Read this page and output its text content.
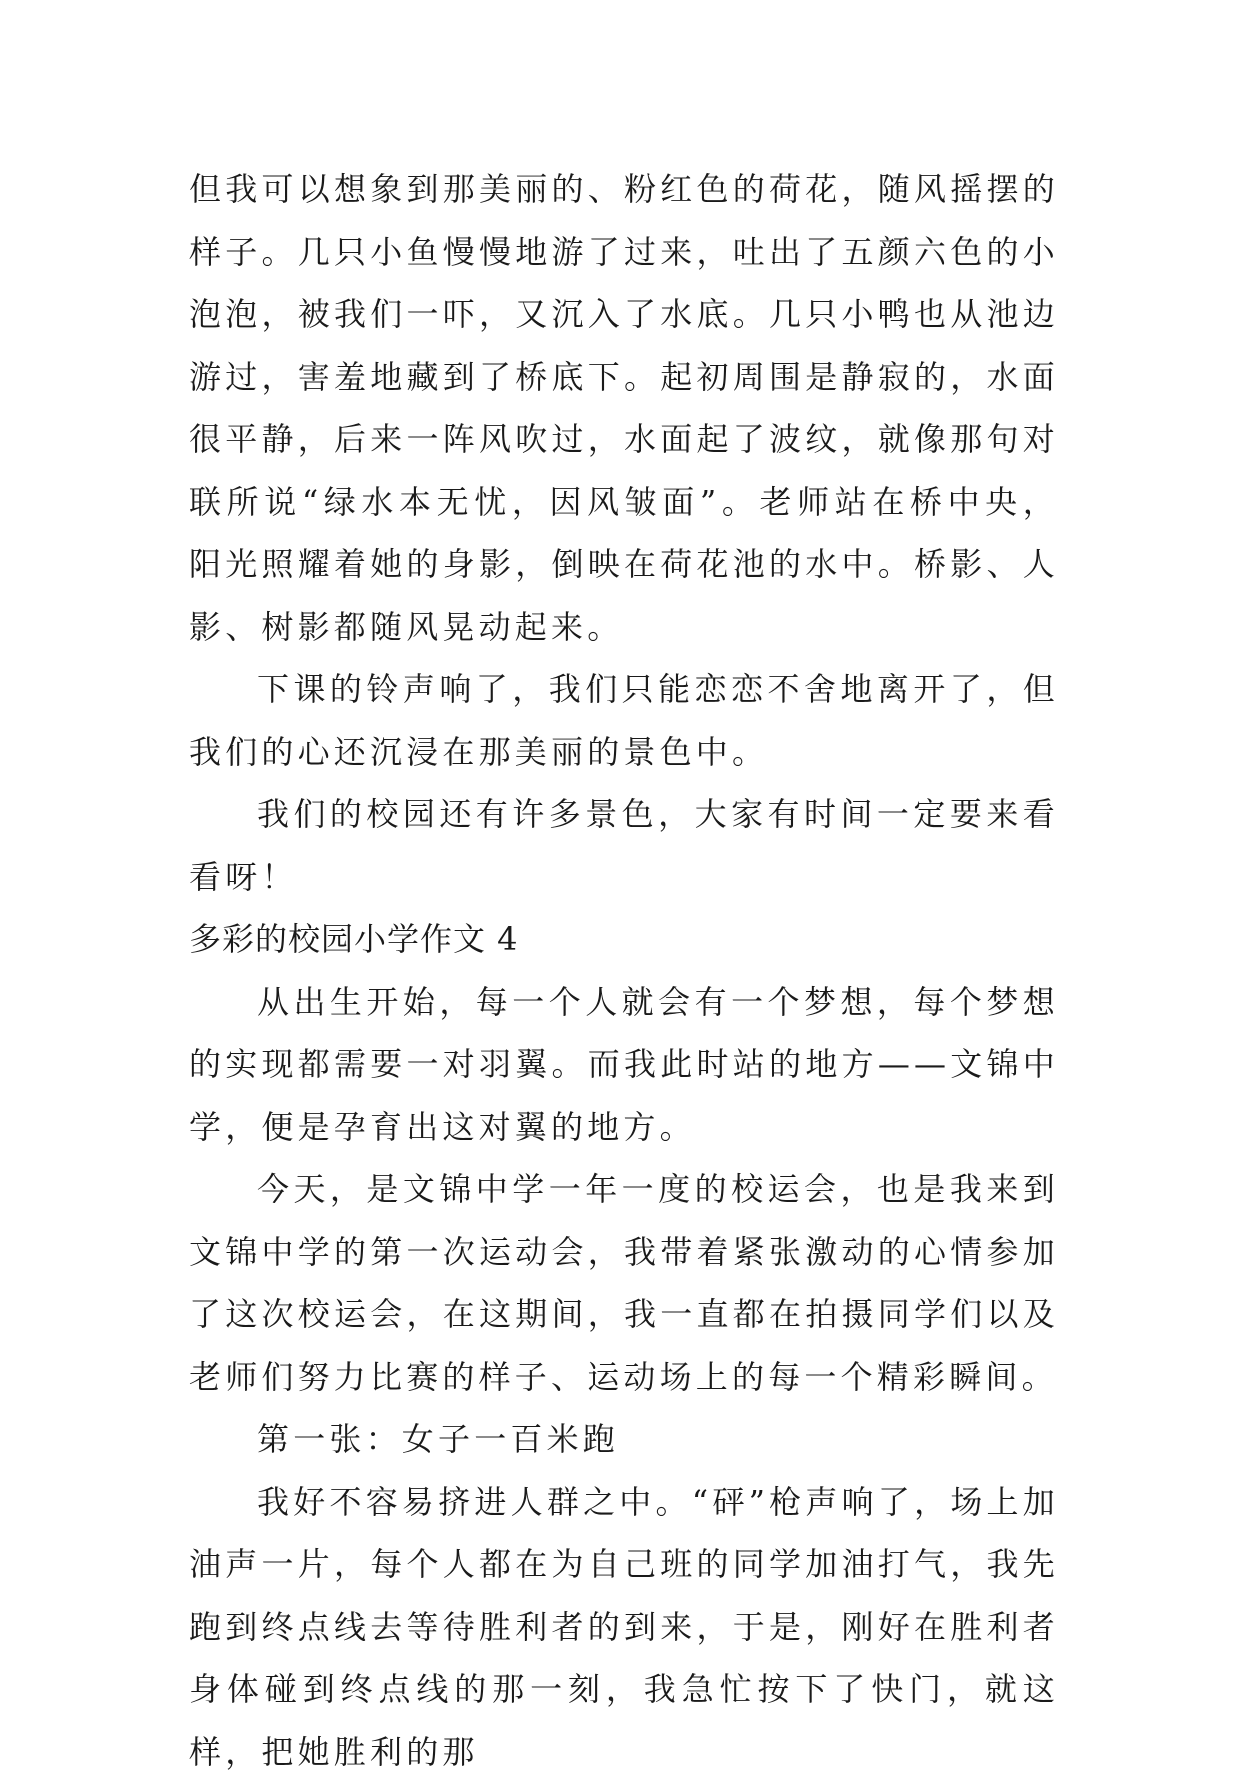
但我可以想象到那美丽的、粉红色的荷花，随风摇摆的样子。几只小鱼慢慢地游了过来，吐出了五颜六色的小泡泡，被我们一吓，又沉入了水底。几只小鸭也从池边游过，害羞地藏到了桥底下。起初周围是静寂的，水面很平静，后来一阵风吹过，水面起了波纹，就像那句对联所说“绿水本无忧，因风皱面”。老师站在桥中央，阳光照耀着她的身影，倒映在荷花池的水中。桥影、人影、树影都随风晃动起来。

下课的铃声响了，我们只能恋恋不舍地离开了，但我们的心还沉浸在那美丽的景色中。

我们的校园还有许多景色，大家有时间一定要来看看呀！

多彩的校园小学作文 4

从出生开始，每一个人就会有一个梦想，每个梦想的实现都需要一对羽翼。而我此时站的地方——文锦中学，便是孕育出这对翼的地方。

今天，是文锦中学一年一度的校运会，也是我来到文锦中学的第一次运动会，我带着紧张激动的心情参加了这次校运会，在这期间，我一直都在拍摄同学们以及老师们努力比赛的样子、运动场上的每一个精彩瞬间。

第一张：女子一百米跑

我好不容易挤进人群之中。“砰”枪声响了，场上加油声一片，每个人都在为自己班的同学加油打气，我先跑到终点线去等待胜利者的到来，于是，刚好在胜利者身体碰到终点线的那一刻，我急忙按下了快门，就这样，把她胜利的那
